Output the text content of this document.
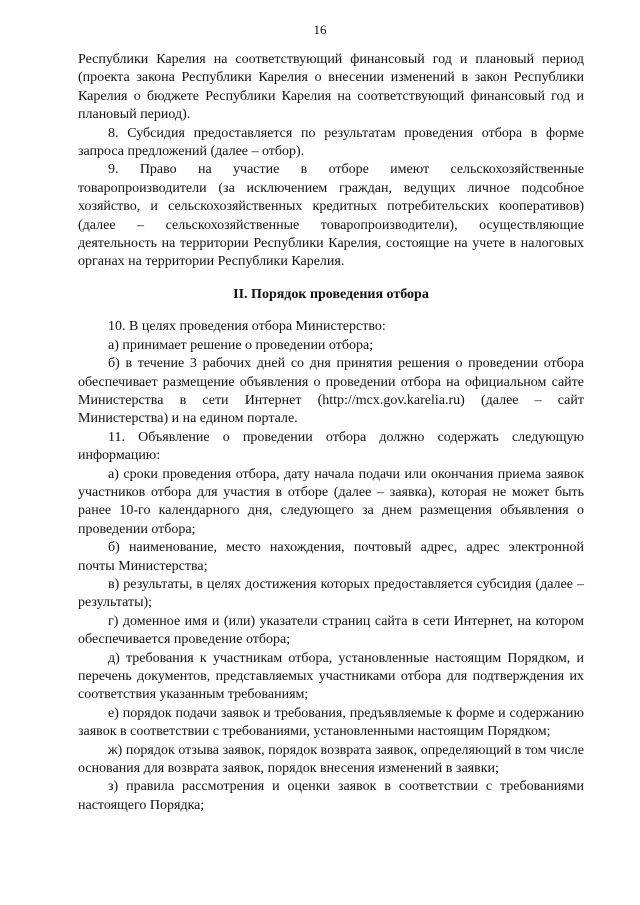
16

Республики Карелия на соответствующий финансовый год и плановый период (проекта закона Республики Карелия о внесении изменений в закон Республики Карелия о бюджете Республики Карелия на соответствующий финансовый год и плановый период).

8. Субсидия предоставляется по результатам проведения отбора в форме запроса предложений (далее – отбор).

9. Право на участие в отборе имеют сельскохозяйственные товаропроизводители (за исключением граждан, ведущих личное подсобное хозяйство, и сельскохозяйственных кредитных потребительских кооперативов) (далее – сельскохозяйственные товаропроизводители), осуществляющие деятельность на территории Республики Карелия, состоящие на учете в налоговых органах на территории Республики Карелия.

II. Порядок проведения отбора

10. В целях проведения отбора Министерство:

а) принимает решение о проведении отбора;

б) в течение 3 рабочих дней со дня принятия решения о проведении отбора обеспечивает размещение объявления о проведении отбора на официальном сайте Министерства в сети Интернет (http://mcx.gov.karelia.ru) (далее – сайт Министерства) и на едином портале.

11. Объявление о проведении отбора должно содержать следующую информацию:

а) сроки проведения отбора, дату начала подачи или окончания приема заявок участников отбора для участия в отборе (далее – заявка), которая не может быть ранее 10-го календарного дня, следующего за днем размещения объявления о проведении отбора;

б) наименование, место нахождения, почтовый адрес, адрес электронной почты Министерства;

в) результаты, в целях достижения которых предоставляется субсидия (далее – результаты);

г) доменное имя и (или) указатели страниц сайта в сети Интернет, на котором обеспечивается проведение отбора;

д) требования к участникам отбора, установленные настоящим Порядком, и перечень документов, представляемых участниками отбора для подтверждения их соответствия указанным требованиям;

е) порядок подачи заявок и требования, предъявляемые к форме и содержанию заявок в соответствии с требованиями, установленными настоящим Порядком;

ж) порядок отзыва заявок, порядок возврата заявок, определяющий в том числе основания для возврата заявок, порядок внесения изменений в заявки;

з) правила рассмотрения и оценки заявок в соответствии с требованиями настоящего Порядка;
